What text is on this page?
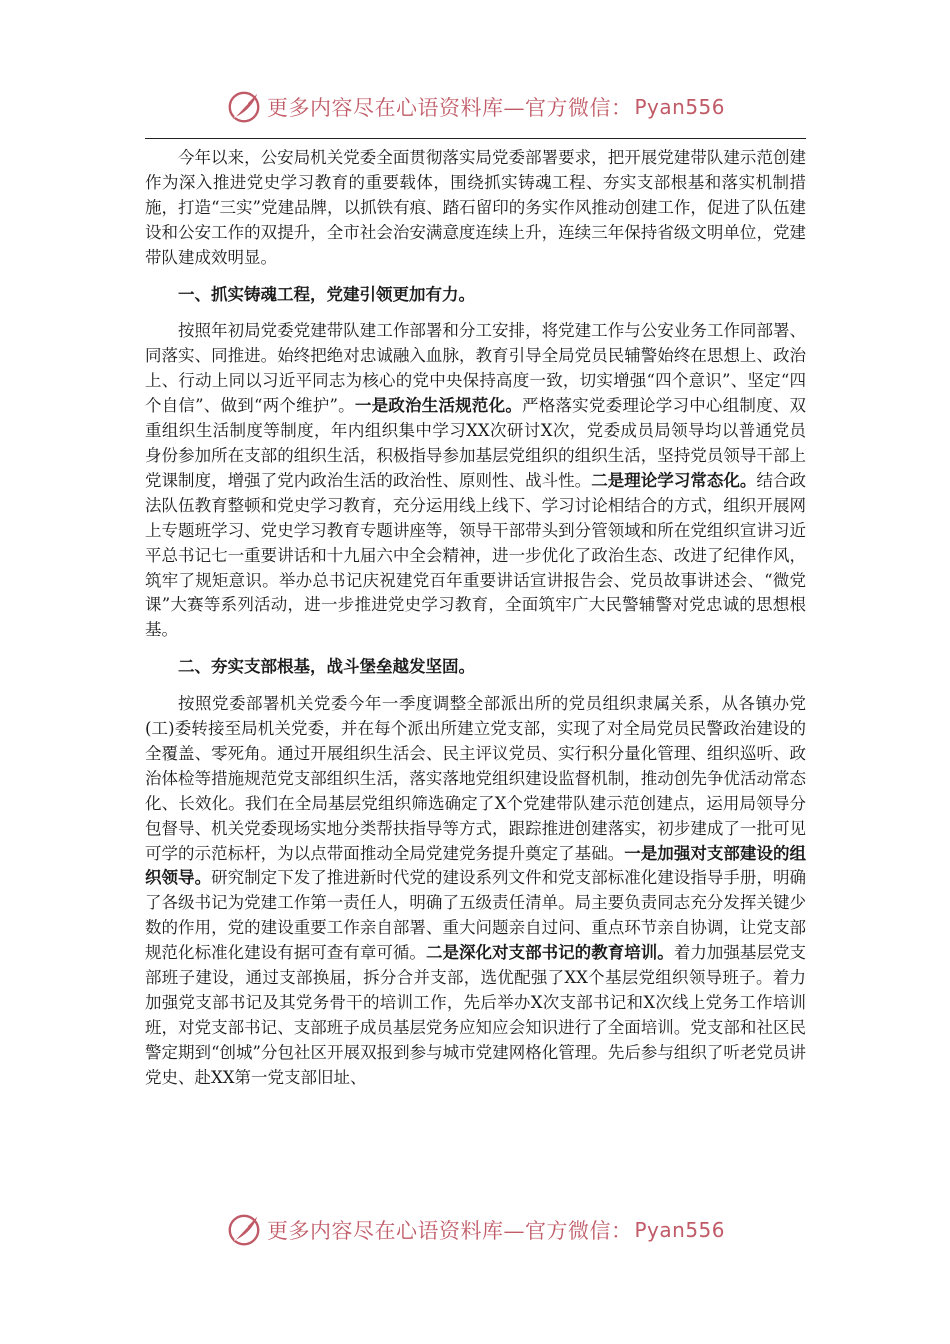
更多内容尽在心语资料库—官方微信： Pyan556

今年以来，公安局机关党委全面贯彻落实局党委部署要求，把开展党建带队建示范创建作为深入推进党史学习教育的重要载体，围绕抓实铸魂工程、夯实支部根基和落实机制措施，打造“三实”党建品牌，以抓铁有痕、踏石留印的务实作风推动创建工作，促进了队伍建设和公安工作的双提升，全市社会治安满意度连续上升，连续三年保持省级文明单位，党建带队建成效明显。

一、抓实铸魂工程，党建引领更加有力。

按照年初局党委党建带队建工作部署和分工安排，将党建工作与公安业务工作同部署、同落实、同推进。始终把绝对忠诚融入血脉，教育引导全局党员民辅警始终在思想上、政治上、行动上同以习近平同志为核心的党中央保持高度一致，切实增强“四个意识”、坚定“四个自信”、做到“两个维护”。一是政治生活规范化。严格落实党委理论学习中心组制度、双重组织生活制度等制度，年内组织集中学习XX次研讨X次，党委成员局领导均以普通党员身份参加所在支部的组织生活，积极指导参加基层党组织的组织生活，坚持党员领导干部上党课制度，增强了党内政治生活的政治性、原则性、战斗性。二是理论学习常态化。结合政法队伍教育整顿和党史学习教育，充分运用线上线下、学习讨论相结合的方式，组织开展网上专题班学习、党史学习教育专题讲座等，领导干部带头到分管领域和所在党组织宣讲习近平总书记七一重要讲话和十九届六中全会精神，进一步优化了政治生态、改进了纪律作风，筑牢了规矩意识。举办总书记庆祝建党百年重要讲话宣讲报告会、党员故事讲述会、“微党课”大赛等系列活动，进一步推进党史学习教育，全面筑牢广大民警辅警对党忠诚的思想根基。

二、夯实支部根基，战斗堡垒越发坚固。

按照党委部署机关党委今年一季度调整全部派出所的党员组织隶属关系，从各镇办党(工)委转接至局机关党委，并在每个派出所建立党支部，实现了对全局党员民警政治建设的全覆盖、零死角。通过开展组织生活会、民主评议党员、实行积分量化管理、组织巡听、政治体检等措施规范党支部组织生活，落实落地党组织建设监督机制，推动创先争优活动常态化、长效化。我们在全局基层党组织筛选确定了X个党建带队建示范创建点，运用局领导分包督导、机关党委现场实地分类帮扶指导等方式，跟踪推进创建落实，初步建成了一批可见可学的示范标杆，为以点带面推动全局党建党务提升奠定了基础。一是加强对支部建设的组织领导。研究制定下发了推进新时代党的建设系列文件和党支部标准化建设指导手册，明确了各级书记为党建工作第一责任人，明确了五级责任清单。局主要负责同志充分发挥关键少数的作用，党的建设重要工作亲自部署、重大问题亲自过问、重点环节亲自协调，让党支部规范化标准化建设有据可查有章可循。二是深化对支部书记的教育培训。着力加强基层党支部班子建设，通过支部换届，拆分合并支部，选优配强了XX个基层党组织领导班子。着力加强党支部书记及其党务骨干的培训工作，先后举办X次支部书记和X次线上党务工作培训班，对党支部书记、支部班子成员基层党务应知应会知识进行了全面培训。党支部和社区民警定期到“创城”分包社区开展双报到参与城市党建网格化管理。先后参与组织了听老党员讲党史、赴XX第一党支部旧址、

更多内容尽在心语资料库—官方微信： Pyan556
